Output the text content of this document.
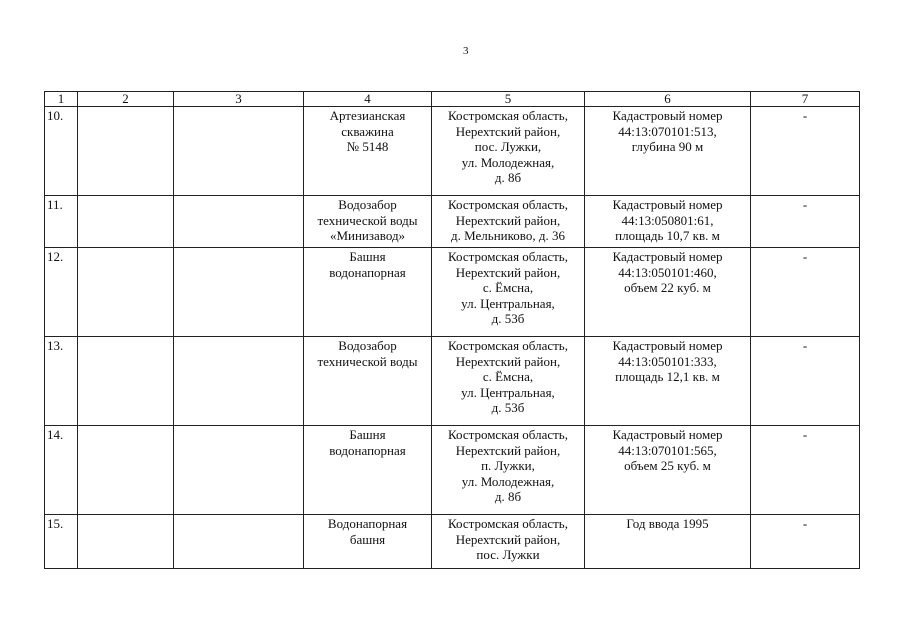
3
1	2	3	4	5	6	7
10.			Артезианская
скважина
№ 5148	Костромская область,
Нерехтский район,
пос. Лужки,
ул. Молодежная,
д. 8б	Кадастровый номер
44:13:070101:513,
глубина 90 м	-
11.			Водозабор
технической воды
«Минизавод»	Костромская область,
Нерехтский район,
д. Мельниково, д. 36	Кадастровый номер
44:13:050801:61,
площадь 10,7 кв. м	-
12.			Башня
водонапорная	Костромская область,
Нерехтский район,
с. Ёмсна,
ул. Центральная,
д. 53б	Кадастровый номер
44:13:050101:460,
объем 22 куб. м	-
13.			Водозабор
технической воды	Костромская область,
Нерехтский район,
с. Ёмсна,
ул. Центральная,
д. 53б	Кадастровый номер
44:13:050101:333,
площадь 12,1 кв. м	-
14.			Башня
водонапорная	Костромская область,
Нерехтский район,
п. Лужки,
ул. Молодежная,
д. 8б	Кадастровый номер
44:13:070101:565,
объем 25 куб. м	-
15.			Водонапорная
башня	Костромская область,
Нерехтский район,
пос. Лужки	Год ввода 1995	-
